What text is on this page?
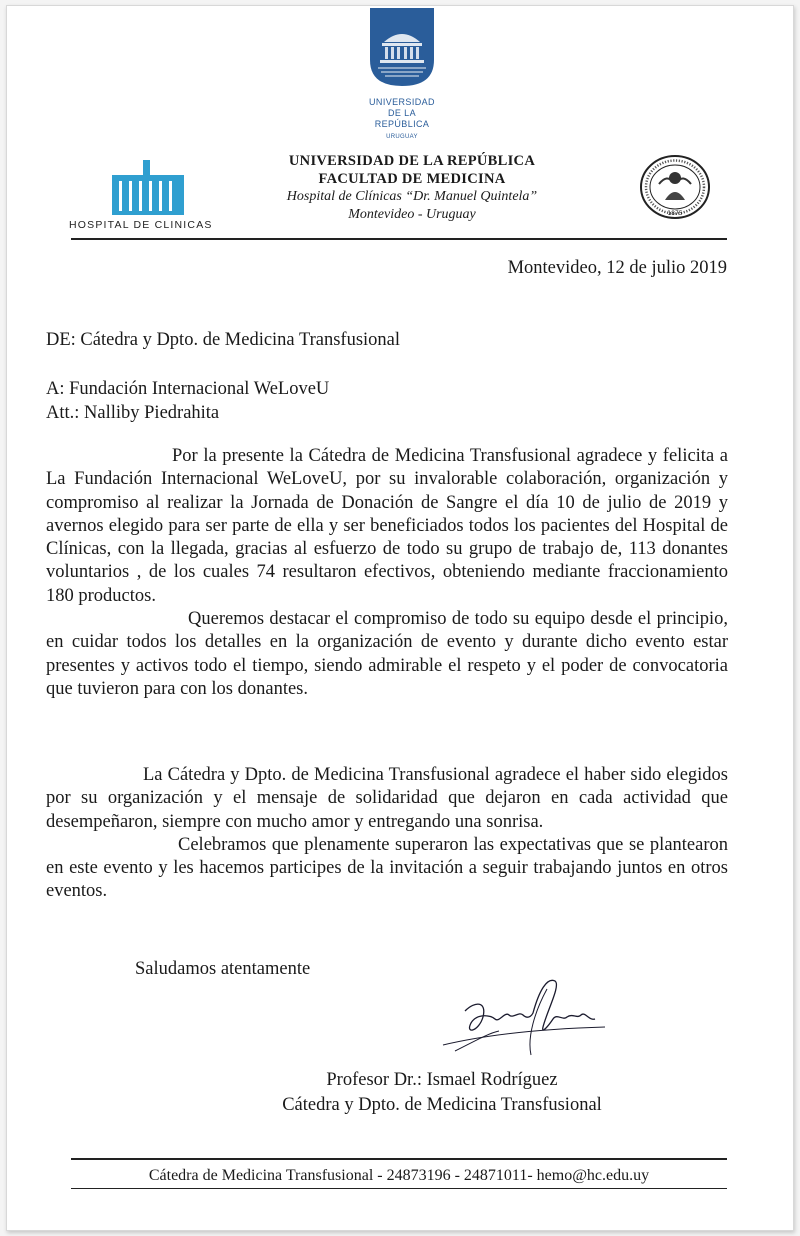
UNIVERSIDAD
DE LA REPÚBLICA
URUGUAY
HOSPITAL DE CLINICAS
UNIVERSIDAD DE LA REPÚBLICA
FACULTAD DE MEDICINA
Hospital de Clínicas “Dr. Manuel Quintela”
Montevideo - Uruguay	1875
Montevideo, 12 de julio 2019
DE: Cátedra y Dpto. de Medicina Transfusional
A: Fundación Internacional WeLoveU
Att.: Nalliby Piedrahita

Por la presente la Cátedra de Medicina Transfusional agradece y felicita a La Fundación Internacional WeLoveU, por su invalorable colaboración, organización y compromiso al realizar la Jornada de Donación de Sangre el día 10 de julio de 2019 y avernos elegido para ser parte de ella y ser beneficiados todos los pacientes del Hospital de Clínicas, con la llegada, gracias al esfuerzo de todo su grupo de trabajo de, 113 donantes voluntarios , de los cuales 74 resultaron efectivos, obteniendo mediante fraccionamiento 180 productos.

Queremos destacar el compromiso de todo su equipo desde el principio, en cuidar todos los detalles en la organización de evento y durante dicho evento estar presentes y activos todo el tiempo, siendo admirable el respeto y el poder de convocatoria que tuvieron para con los donantes.

La Cátedra y Dpto. de Medicina Transfusional agradece el haber sido elegidos por su organización y el mensaje de solidaridad que dejaron en cada actividad que desempeñaron, siempre con mucho amor y entregando una sonrisa.

Celebramos que plenamente superaron las expectativas que se plantearon en este evento y les hacemos participes de la invitación a seguir trabajando juntos en otros eventos.

Saludamos atentamente
Profesor Dr.: Ismael Rodríguez
Cátedra y Dpto. de Medicina Transfusional
Cátedra de Medicina Transfusional - 24873196 - 24871011- hemo@hc.edu.uy
